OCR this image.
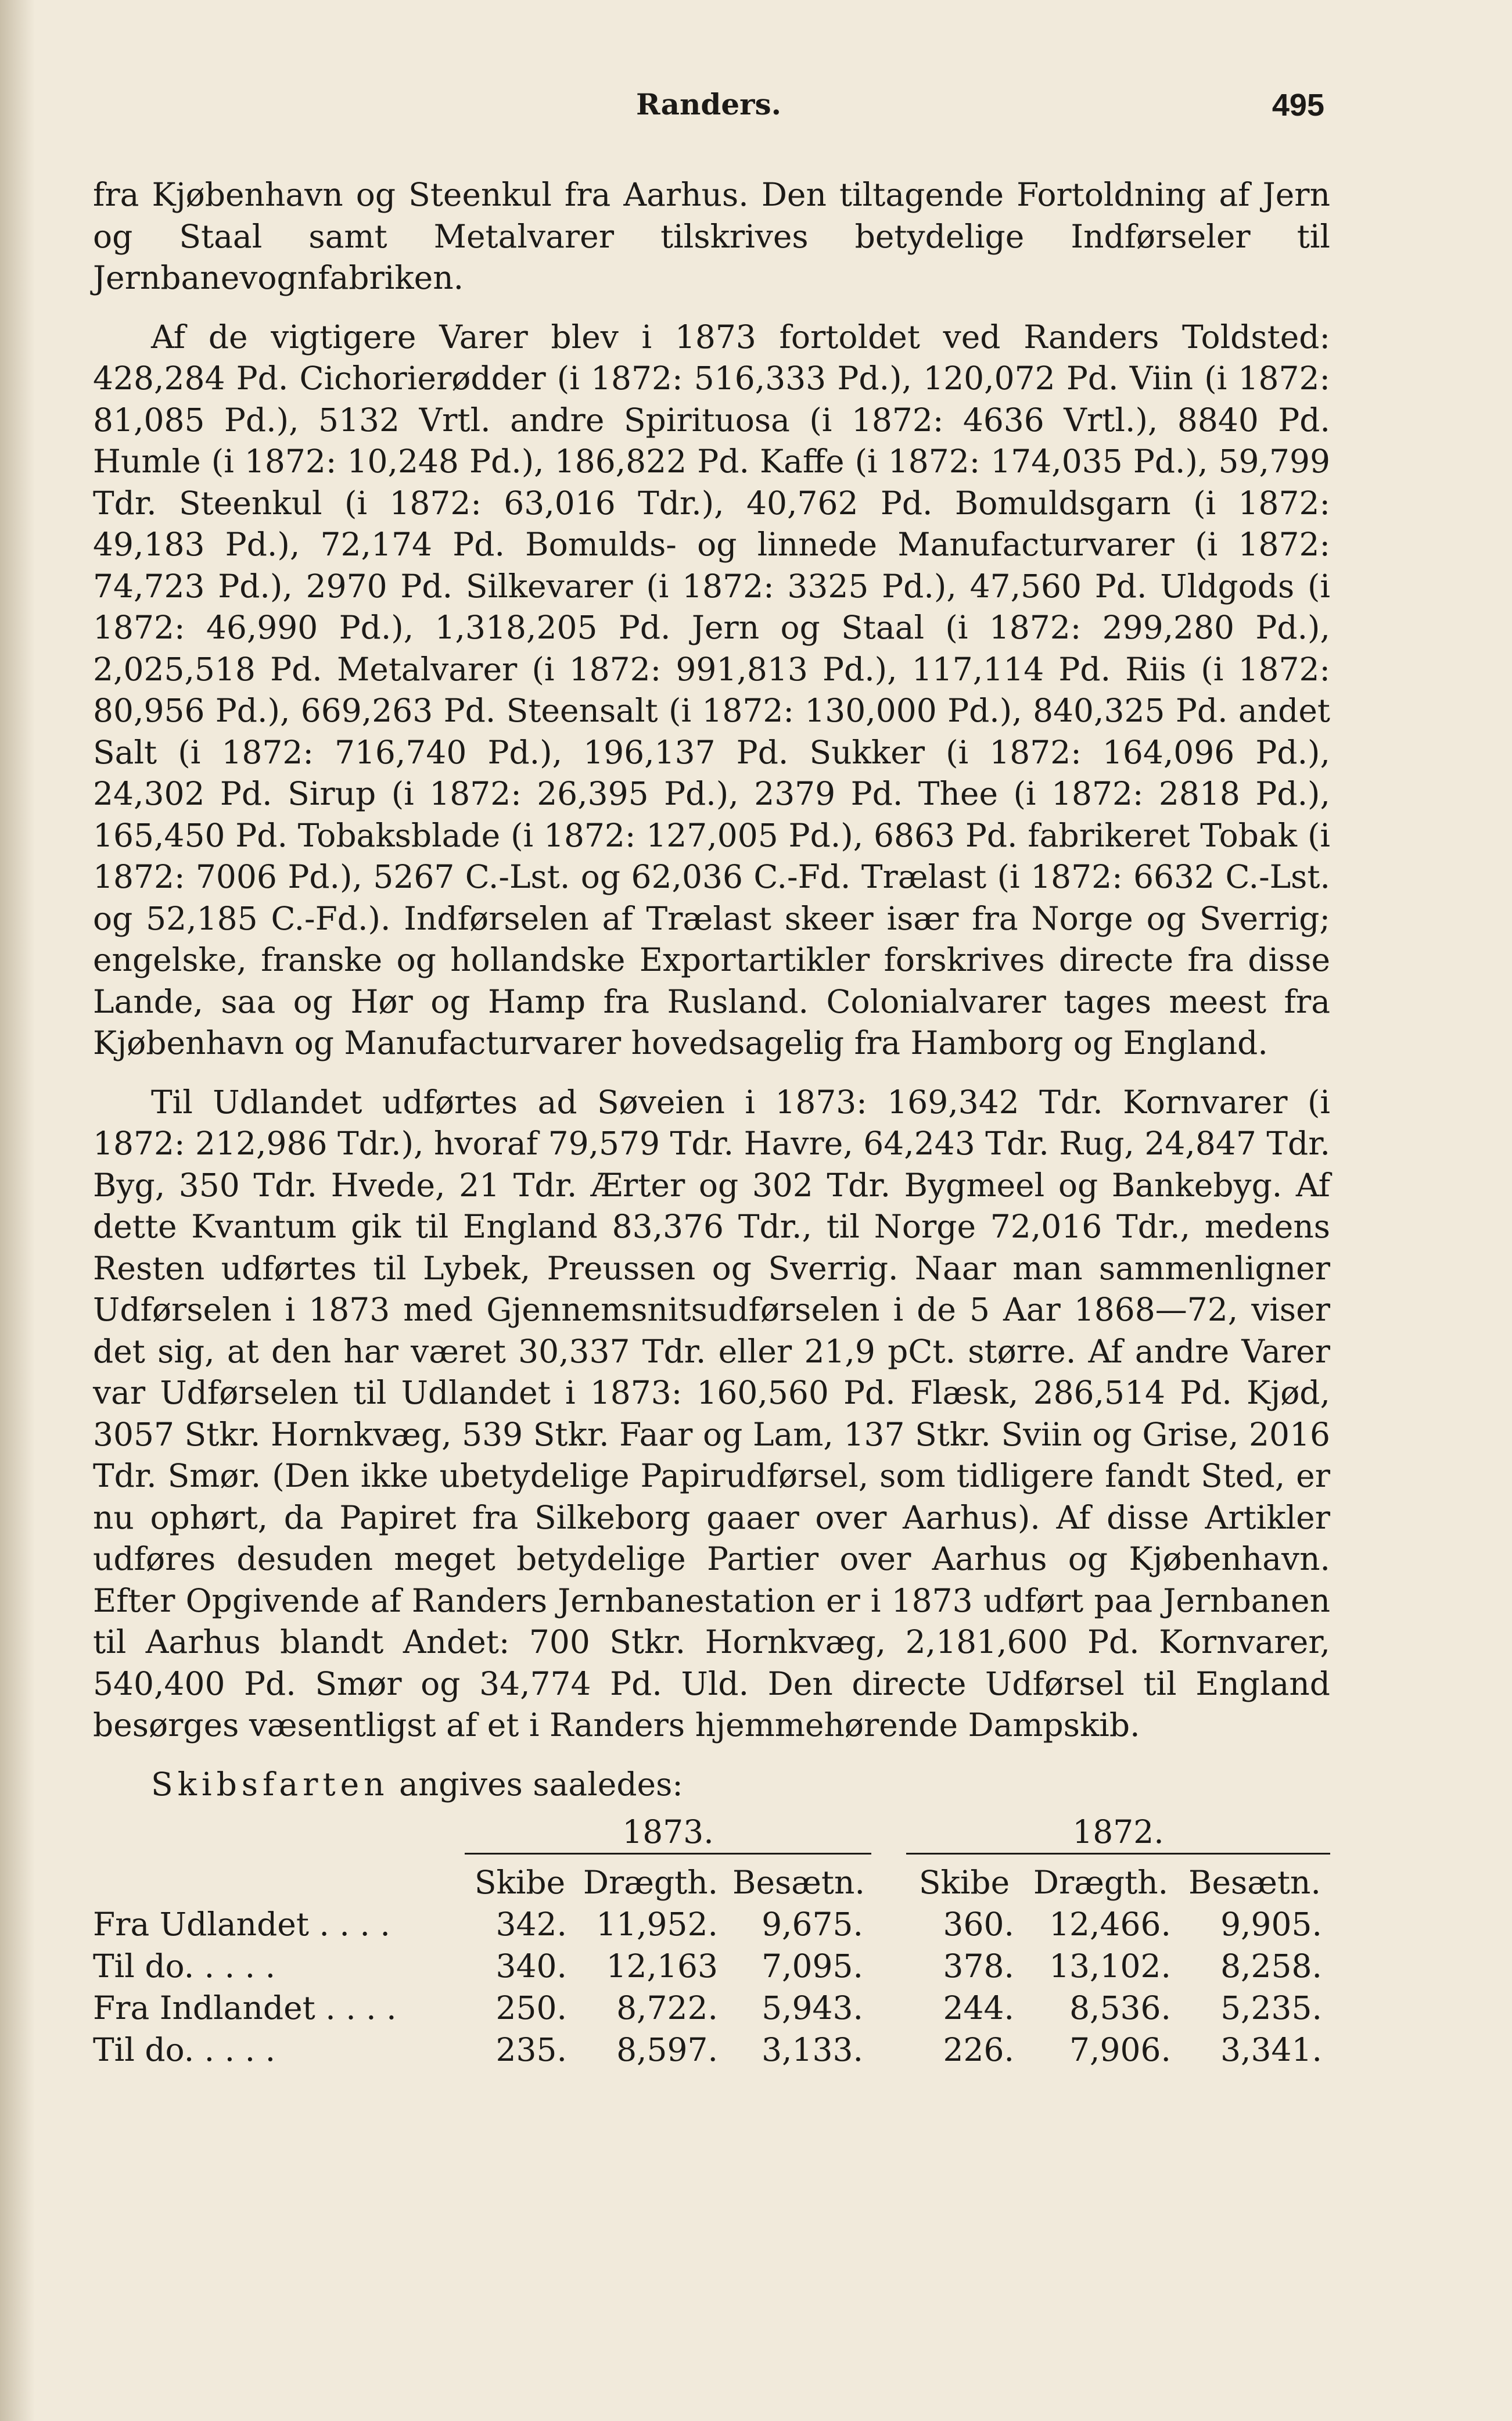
Randers.	495

fra Kjøbenhavn og Steenkul fra Aarhus. Den tiltagende Fortoldning af Jern og Staal samt Metalvarer tilskrives betydelige Indførseler til Jernbanevognfabriken.

Af de vigtigere Varer blev i 1873 fortoldet ved Randers Toldsted: 428,284 Pd. Cichorierødder (i 1872: 516,333 Pd.), 120,072 Pd. Viin (i 1872: 81,085 Pd.), 5132 Vrtl. andre Spirituosa (i 1872: 4636 Vrtl.), 8840 Pd. Humle (i 1872: 10,248 Pd.), 186,822 Pd. Kaffe (i 1872: 174,035 Pd.), 59,799 Tdr. Steenkul (i 1872: 63,016 Tdr.), 40,762 Pd. Bomuldsgarn (i 1872: 49,183 Pd.), 72,174 Pd. Bomulds- og linnede Manufacturvarer (i 1872: 74,723 Pd.), 2970 Pd. Silkevarer (i 1872: 3325 Pd.), 47,560 Pd. Uldgods (i 1872: 46,990 Pd.), 1,318,205 Pd. Jern og Staal (i 1872: 299,280 Pd.), 2,025,518 Pd. Metalvarer (i 1872: 991,813 Pd.), 117,114 Pd. Riis (i 1872: 80,956 Pd.), 669,263 Pd. Steensalt (i 1872: 130,000 Pd.), 840,325 Pd. andet Salt (i 1872: 716,740 Pd.), 196,137 Pd. Sukker (i 1872: 164,096 Pd.), 24,302 Pd. Sirup (i 1872: 26,395 Pd.), 2379 Pd. Thee (i 1872: 2818 Pd.), 165,450 Pd. Tobaksblade (i 1872: 127,005 Pd.), 6863 Pd. fabrikeret Tobak (i 1872: 7006 Pd.), 5267 C.-Lst. og 62,036 C.-Fd. Trælast (i 1872: 6632 C.-Lst. og 52,185 C.-Fd.). Indførselen af Trælast skeer især fra Norge og Sverrig; engelske, franske og hollandske Exportartikler forskrives directe fra disse Lande, saa og Hør og Hamp fra Rusland. Colonialvarer tages meest fra Kjøbenhavn og Manufacturvarer hovedsagelig fra Hamborg og England.

Til Udlandet udførtes ad Søveien i 1873: 169,342 Tdr. Kornvarer (i 1872: 212,986 Tdr.), hvoraf 79,579 Tdr. Havre, 64,243 Tdr. Rug, 24,847 Tdr. Byg, 350 Tdr. Hvede, 21 Tdr. Ærter og 302 Tdr. Bygmeel og Bankebyg. Af dette Kvantum gik til England 83,376 Tdr., til Norge 72,016 Tdr., medens Resten udførtes til Lybek, Preussen og Sverrig. Naar man sammenligner Udførselen i 1873 med Gjennemsnitsudførselen i de 5 Aar 1868—72, viser det sig, at den har været 30,337 Tdr. eller 21,9 pCt. større. Af andre Varer var Udførselen til Udlandet i 1873: 160,560 Pd. Flæsk, 286,514 Pd. Kjød, 3057 Stkr. Hornkvæg, 539 Stkr. Faar og Lam, 137 Stkr. Sviin og Grise, 2016 Tdr. Smør. (Den ikke ubetydelige Papirudførsel, som tidligere fandt Sted, er nu ophørt, da Papiret fra Silkeborg gaaer over Aarhus). Af disse Artikler udføres desuden meget betydelige Partier over Aarhus og Kjøbenhavn. Efter Opgivende af Randers Jernbanestation er i 1873 udført paa Jernbanen til Aarhus blandt Andet: 700 Stkr. Hornkvæg, 2,181,600 Pd. Kornvarer, 540,400 Pd. Smør og 34,774 Pd. Uld. Den directe Udførsel til England besørges væsentligst af et i Randers hjemmehørende Dampskib.

Skibsfarten angives saaledes:

	1873.				1872.		

	Skibe	Drægth.	Besætn.		Skibe	Drægth.	Besætn.
Fra Udlandet . . . .	342.	11,952.	9,675.		360.	12,466.	9,905.
Til do. . . . .	340.	12,163	7,095.		378.	13,102.	8,258.
Fra Indlandet . . . .	250.	8,722.	5,943.		244.	8,536.	5,235.
Til do. . . . .	235.	8,597.	3,133.		226.	7,906.	3,341.
